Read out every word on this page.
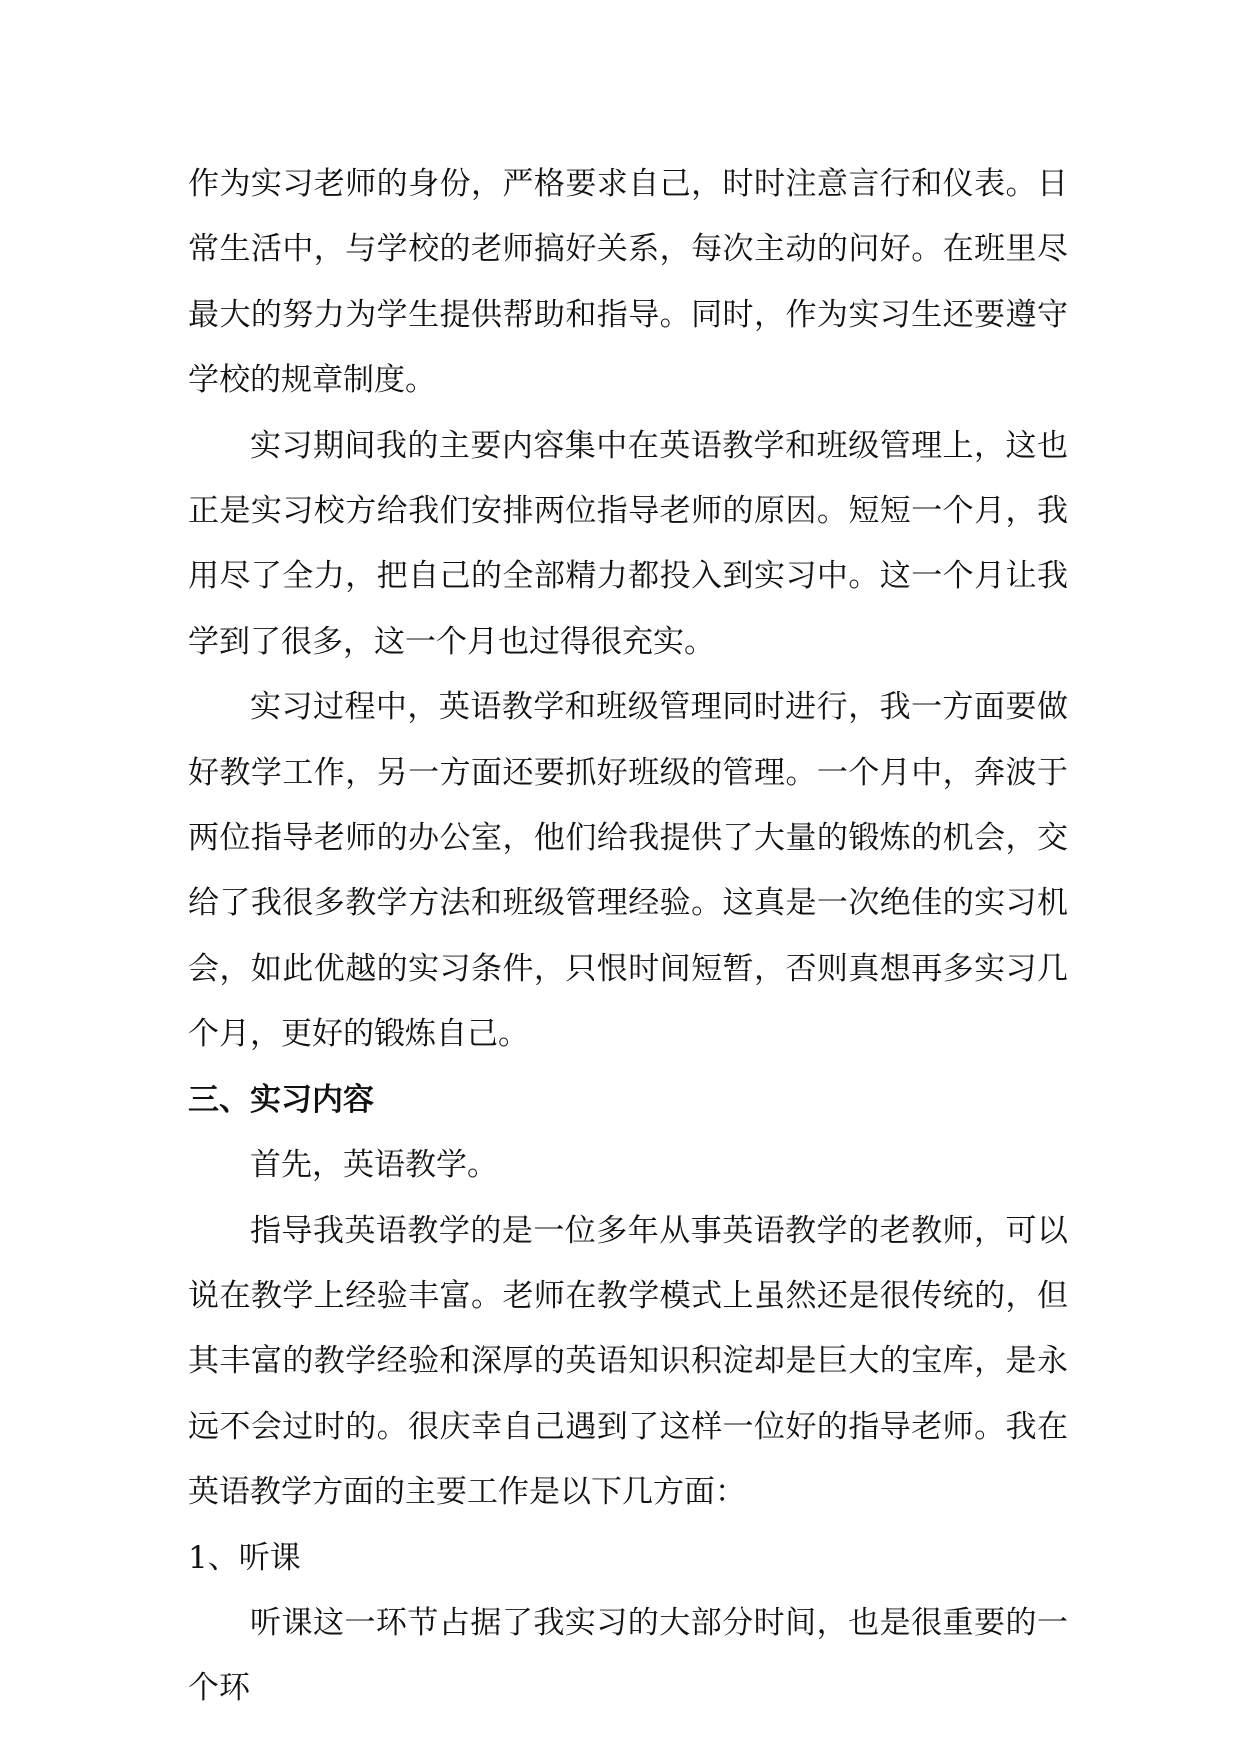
作为实习老师的身份，严格要求自己，时时注意言行和仪表。日常生活中，与学校的老师搞好关系，每次主动的问好。在班里尽最大的努力为学生提供帮助和指导。同时，作为实习生还要遵守学校的规章制度。

实习期间我的主要内容集中在英语教学和班级管理上，这也正是实习校方给我们安排两位指导老师的原因。短短一个月，我用尽了全力，把自己的全部精力都投入到实习中。这一个月让我学到了很多，这一个月也过得很充实。

实习过程中，英语教学和班级管理同时进行，我一方面要做好教学工作，另一方面还要抓好班级的管理。一个月中，奔波于两位指导老师的办公室，他们给我提供了大量的锻炼的机会，交给了我很多教学方法和班级管理经验。这真是一次绝佳的实习机会，如此优越的实习条件，只恨时间短暂，否则真想再多实习几个月，更好的锻炼自己。

三、实习内容

首先，英语教学。

指导我英语教学的是一位多年从事英语教学的老教师，可以说在教学上经验丰富。老师在教学模式上虽然还是很传统的，但其丰富的教学经验和深厚的英语知识积淀却是巨大的宝库，是永远不会过时的。很庆幸自己遇到了这样一位好的指导老师。我在英语教学方面的主要工作是以下几方面：

1、听课

听课这一环节占据了我实习的大部分时间，也是很重要的一个环
